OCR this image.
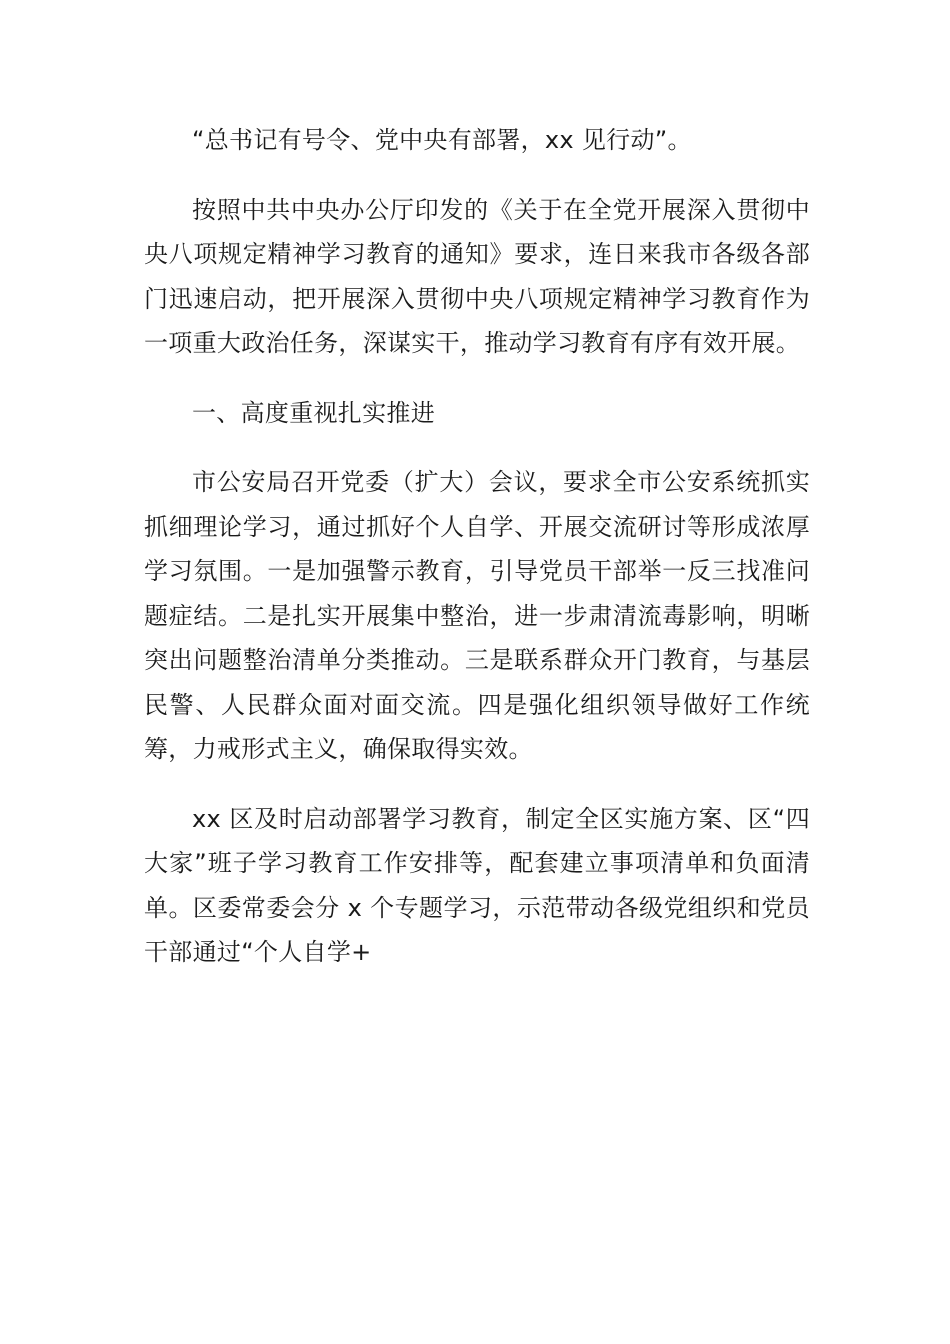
“总书记有号令、党中央有部署，xx 见行动”。

按照中共中央办公厅印发的《关于在全党开展深入贯彻中央八项规定精神学习教育的通知》要求，连日来我市各级各部门迅速启动，把开展深入贯彻中央八项规定精神学习教育作为一项重大政治任务，深谋实干，推动学习教育有序有效开展。

一、高度重视扎实推进

市公安局召开党委（扩大）会议，要求全市公安系统抓实抓细理论学习，通过抓好个人自学、开展交流研讨等形成浓厚学习氛围。一是加强警示教育，引导党员干部举一反三找准问题症结。二是扎实开展集中整治，进一步肃清流毒影响，明晰突出问题整治清单分类推动。三是联系群众开门教育，与基层民警、人民群众面对面交流。四是强化组织领导做好工作统筹，力戒形式主义，确保取得实效。

xx 区及时启动部署学习教育，制定全区实施方案、区“四大家”班子学习教育工作安排等，配套建立事项清单和负面清单。区委常委会分 x 个专题学习，示范带动各级党组织和党员干部通过“个人自学+
